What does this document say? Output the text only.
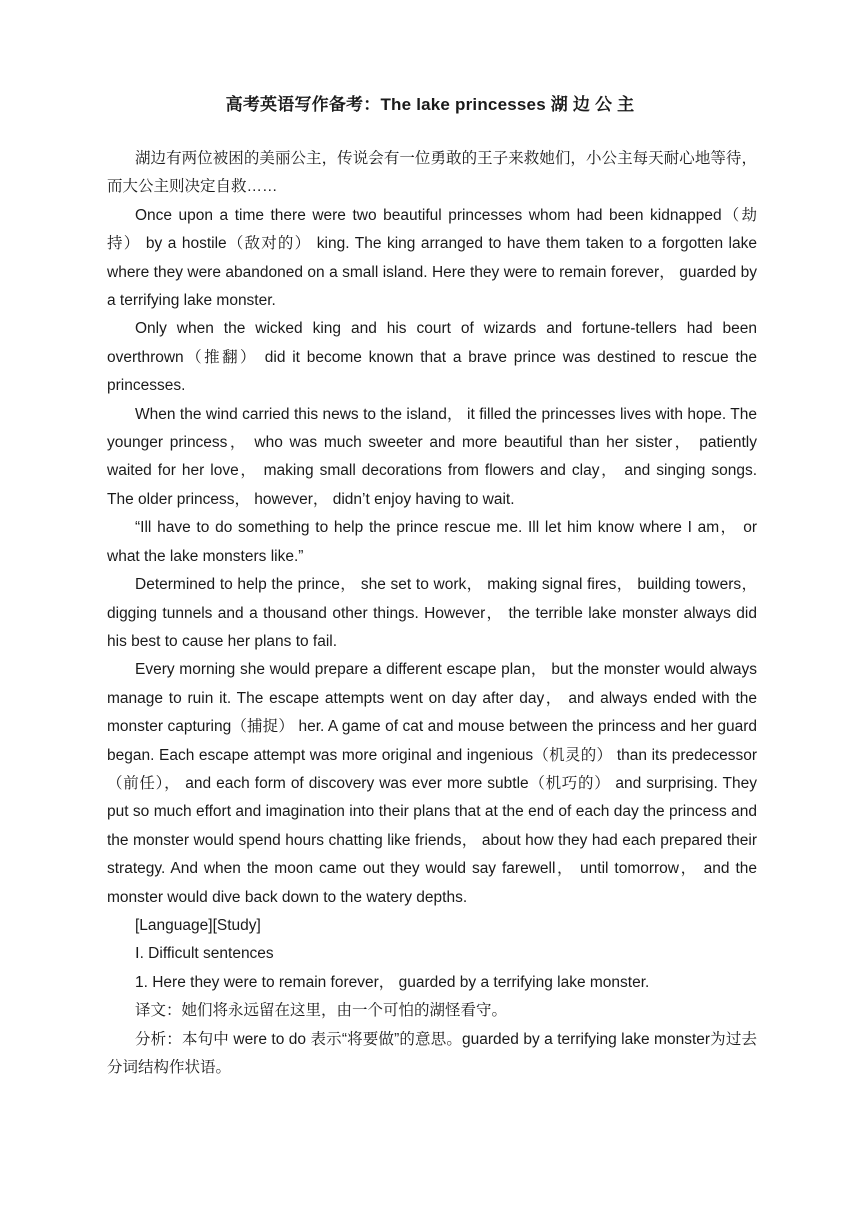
高考英语写作备考：The lake princesses 湖 边 公 主

湖边有两位被困的美丽公主，传说会有一位勇敢的王子来救她们，小公主每天耐心地等待，而大公主则决定自救……

Once upon a time there were two beautiful princesses whom had been kidnapped（劫持） by a hostile（敌对的） king. The king arranged to have them taken to a forgotten lake where they were abandoned on a small island. Here they were to remain forever， guarded by a terrifying lake monster.

Only when the wicked king and his court of wizards and fortune-tellers had been overthrown（推翻） did it become known that a brave prince was destined to rescue the princesses.

When the wind carried this news to the island， it filled the princesses lives with hope. The younger princess， who was much sweeter and more beautiful than her sister， patiently waited for her love， making small decorations from flowers and clay， and singing songs. The older princess， however， didn’t enjoy having to wait.

“Ill have to do something to help the prince rescue me. Ill let him know where I am， or what the lake monsters like.”

Determined to help the prince， she set to work， making signal fires， building towers， digging tunnels and a thousand other things. However， the terrible lake monster always did his best to cause her plans to fail.

Every morning she would prepare a different escape plan， but the monster would always manage to ruin it. The escape attempts went on day after day， and always ended with the monster capturing（捕捉） her. A game of cat and mouse between the princess and her guard began. Each escape attempt was more original and ingenious（机灵的） than its predecessor （前任）， and each form of discovery was ever more subtle（机巧的） and surprising. They put so much effort and imagination into their plans that at the end of each day the princess and the monster would spend hours chatting like friends， about how they had each prepared their strategy. And when the moon came out they would say farewell， until tomorrow， and the monster would dive back down to the watery depths.

[Language][Study]

Ⅰ. Difficult sentences

1. Here they were to remain forever， guarded by a terrifying lake monster.

译文：她们将永远留在这里，由一个可怕的湖怪看守。

分析：本句中 were to do 表示“将要做”的意思。guarded by a terrifying lake monster为过去分词结构作状语。
